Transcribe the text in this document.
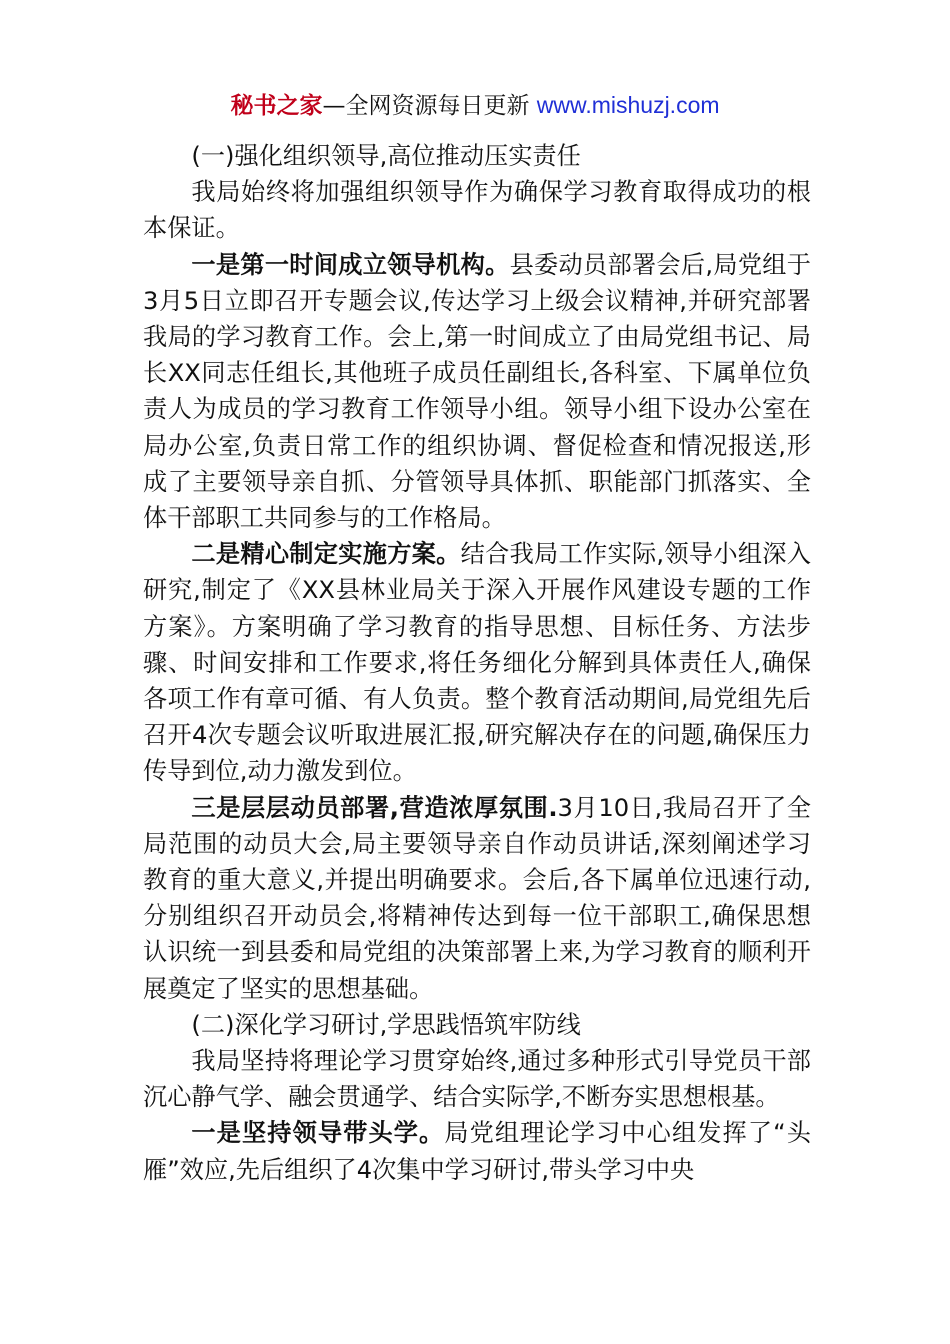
秘书之家—全网资源每日更新 www.mishuzj.com

(一)强化组织领导,高位推动压实责任

我局始终将加强组织领导作为确保学习教育取得成功的根本保证。

一是第一时间成立领导机构。县委动员部署会后,局党组于3月5日立即召开专题会议,传达学习上级会议精神,并研究部署我局的学习教育工作。会上,第一时间成立了由局党组书记、局长XX同志任组长,其他班子成员任副组长,各科室、下属单位负责人为成员的学习教育工作领导小组。领导小组下设办公室在局办公室,负责日常工作的组织协调、督促检查和情况报送,形成了主要领导亲自抓、分管领导具体抓、职能部门抓落实、全体干部职工共同参与的工作格局。

二是精心制定实施方案。结合我局工作实际,领导小组深入研究,制定了《XX县林业局关于深入开展作风建设专题的工作方案》。方案明确了学习教育的指导思想、目标任务、方法步骤、时间安排和工作要求,将任务细化分解到具体责任人,确保各项工作有章可循、有人负责。整个教育活动期间,局党组先后召开4次专题会议听取进展汇报,研究解决存在的问题,确保压力传导到位,动力激发到位。

三是层层动员部署,营造浓厚氛围.3月10日,我局召开了全局范围的动员大会,局主要领导亲自作动员讲话,深刻阐述学习教育的重大意义,并提出明确要求。会后,各下属单位迅速行动,分别组织召开动员会,将精神传达到每一位干部职工,确保思想认识统一到县委和局党组的决策部署上来,为学习教育的顺利开展奠定了坚实的思想基础。

(二)深化学习研讨,学思践悟筑牢防线

我局坚持将理论学习贯穿始终,通过多种形式引导党员干部沉心静气学、融会贯通学、结合实际学,不断夯实思想根基。

一是坚持领导带头学。局党组理论学习中心组发挥了“头雁”效应,先后组织了4次集中学习研讨,带头学习中央
